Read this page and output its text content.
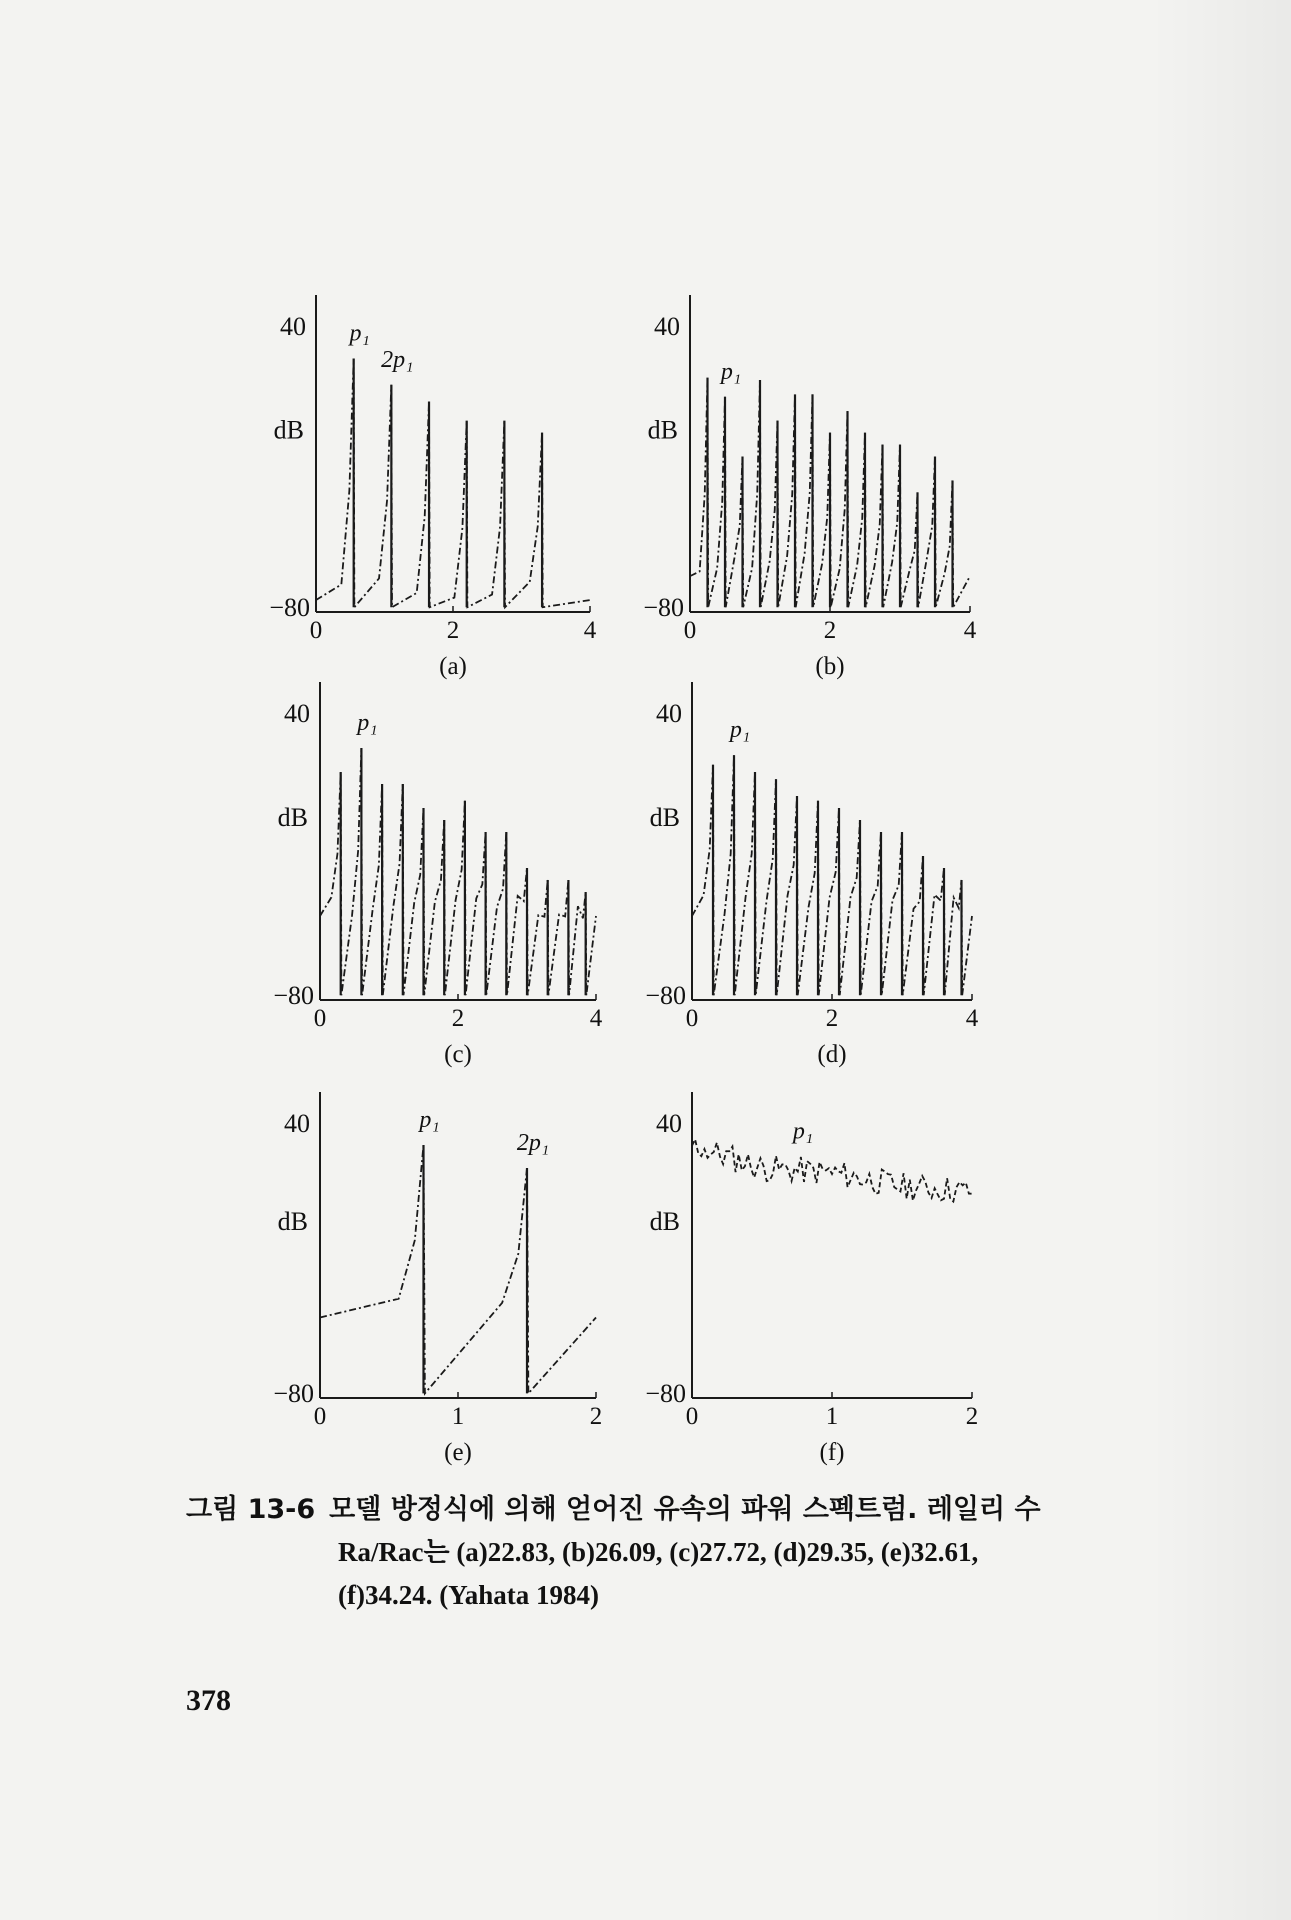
40
dB
−80
0	2	4
(a)
p₁
2p₁
40
dB
−80
0	2	4
(b)
p₁
40
dB
−80
0	2	4
(c)
p₁	40
dB
−80
0	2	4
(d)
p₁
40
dB
−80
0	1	2
(e)
p₁
2p₁
40
dB
−80
0	1	2
(f)
p₁
그림 13-6 모델 방정식에 의해 얻어진 유속의 파워 스펙트럼. 레일리 수
Ra/Rac는 (a)22.83, (b)26.09, (c)27.72, (d)29.35, (e)32.61,
(f)34.24. (Yahata 1984)
378
